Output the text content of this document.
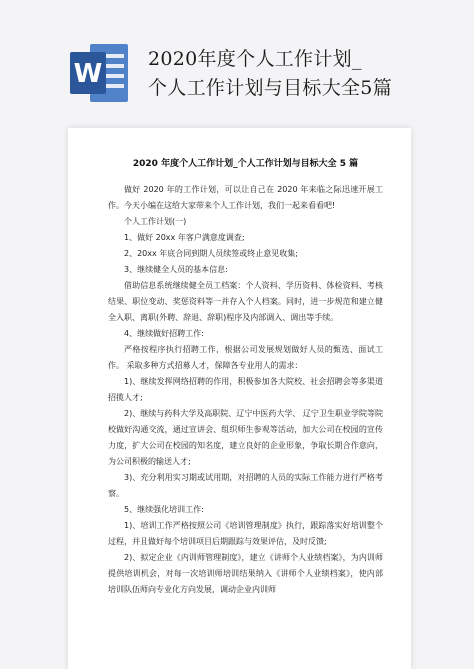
W 2020年度个人工作计划_
个人工作计划与目标大全5篇
2020 年度个人工作计划_个人工作计划与目标大全 5 篇

做好 2020 年的工作计划，可以让自己在 2020 年来临之际迅速开展工作。今天小编在这给大家带来个人工作计划，我们一起来看看吧!

个人工作计划(一)

1、做好 20xx 年客户满意度调查;

2、20xx 年底合同到期人员续签或终止意见收集;

3、继续健全人员的基本信息:

借助信息系统继续健全员工档案：个人资料、学历资料、体检资料、考核结果、职位变动、奖惩资料等一并存入个人档案。同时，进一步规范和建立健全入职、离职(外聘、辞退、辞职)程序及内部调入、调出等手续。

4、继续做好招聘工作:

严格按程序执行招聘工作，根据公司发展规划做好人员的甄选、面试工作。 采取多种方式招募人才，保障各专业用人的需求：

1)、继续发挥网络招聘的作用，积极参加各大院校、社会招聘会等多渠道招揽人才;

2)、继续与药科大学及高职院、辽宁中医药大学、 辽宁卫生职业学院等院校做好沟通交流，通过宣讲会、组织师生参观等活动，加大公司在校园的宣传力度，扩大公司在校园的知名度，建立良好的企业形象，争取长期合作意向，为公司积极的输送人才;

3)、充分利用实习期或试用期，对招聘的人员的实际工作能力进行严格考察。

5、继续强化培训工作:

1)、培训工作严格按照公司《培训管理制度》执行，跟踪落实好培训整个过程，并且做好每个培训项目后期跟踪与效果评估，及时反馈;

2)、拟定企业《内训师管理制度》，建立《讲师个人业绩档案》，为内训师提供培训机会，对每一次培训师培训结果纳入《讲师个人业绩档案》，使内部培训队伍师向专业化方向发展，调动企业内训师
